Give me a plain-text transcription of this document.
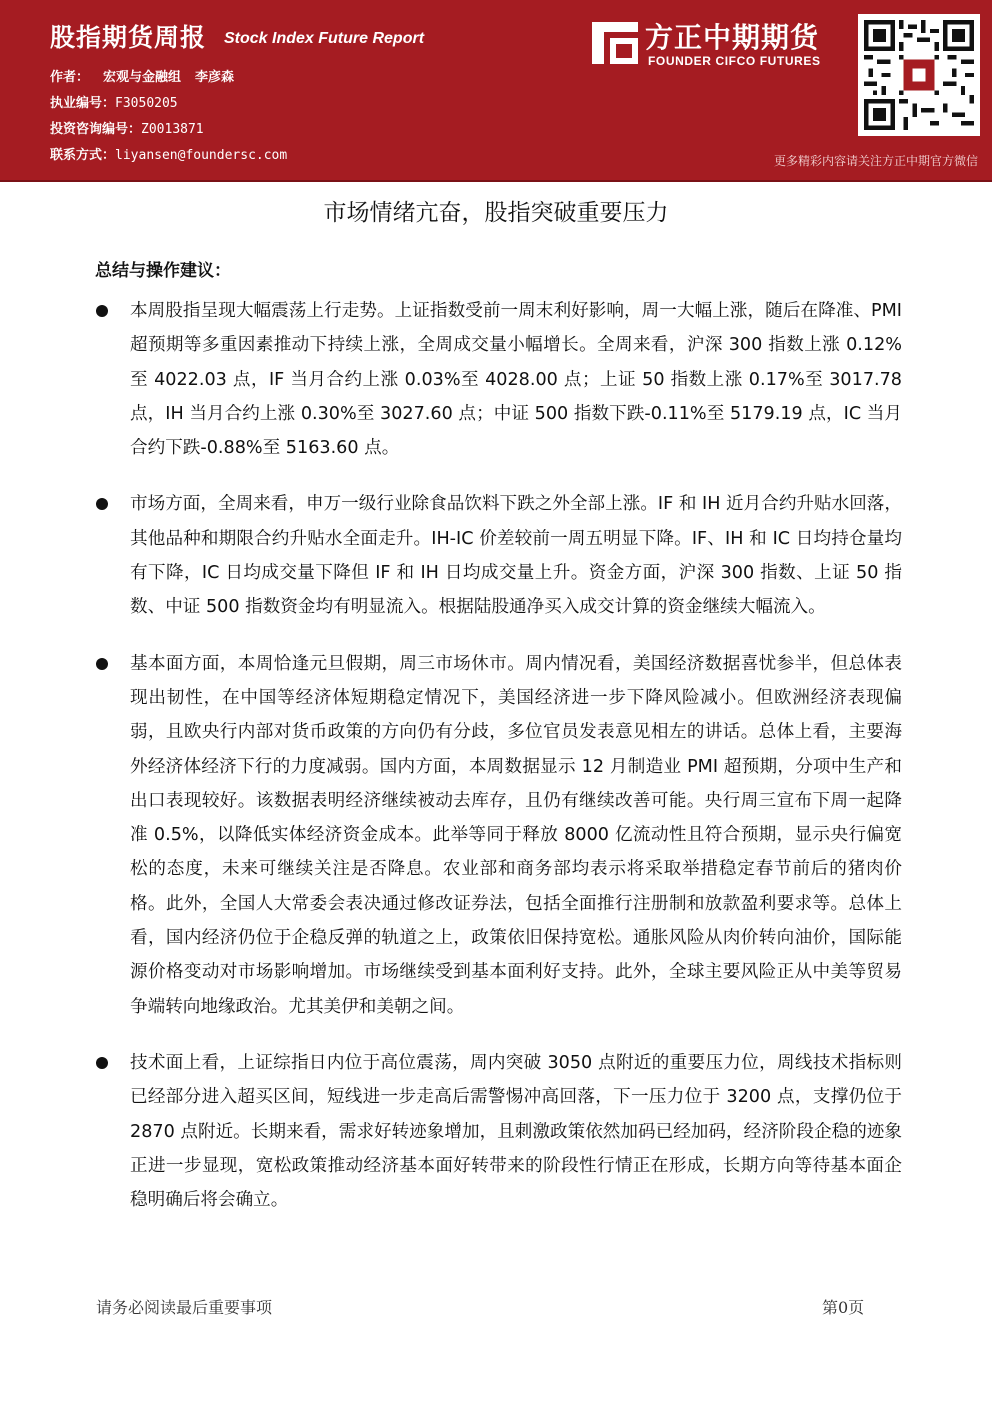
股指期货周报 Stock Index Future Report
作者： 宏观与金融组 李彦森
执业编号：F3050205
投资咨询编号：Z0013871
联系方式：liyansen@foundersc.com
方正中期期货
FOUNDER CIFCO FUTURES
更多精彩内容请关注方正中期官方微信
市场情绪亢奋，股指突破重要压力
总结与操作建议：
本周股指呈现大幅震荡上行走势。上证指数受前一周末利好影响，周一大幅上涨，随后在降准、PMI 超预期等多重因素推动下持续上涨，全周成交量小幅增长。全周来看，沪深 300 指数上涨 0.12%至 4022.03 点，IF 当月合约上涨 0.03%至 4028.00 点；上证 50 指数上涨 0.17%至 3017.78 点，IH 当月合约上涨 0.30%至 3027.60 点；中证 500 指数下跌-0.11%至 5179.19 点，IC 当月合约下跌-0.88%至 5163.60 点。
市场方面，全周来看，申万一级行业除食品饮料下跌之外全部上涨。IF 和 IH 近月合约升贴水回落，其他品种和期限合约升贴水全面走升。IH-IC 价差较前一周五明显下降。IF、IH 和 IC 日均持仓量均有下降，IC 日均成交量下降但 IF 和 IH 日均成交量上升。资金方面，沪深 300 指数、上证 50 指数、中证 500 指数资金均有明显流入。根据陆股通净买入成交计算的资金继续大幅流入。
基本面方面，本周恰逢元旦假期，周三市场休市。周内情况看，美国经济数据喜忧参半，但总体表现出韧性，在中国等经济体短期稳定情况下，美国经济进一步下降风险减小。但欧洲经济表现偏弱，且欧央行内部对货币政策的方向仍有分歧，多位官员发表意见相左的讲话。总体上看，主要海外经济体经济下行的力度减弱。国内方面，本周数据显示 12 月制造业 PMI 超预期，分项中生产和出口表现较好。该数据表明经济继续被动去库存，且仍有继续改善可能。央行周三宣布下周一起降准 0.5%，以降低实体经济资金成本。此举等同于释放 8000 亿流动性且符合预期，显示央行偏宽松的态度，未来可继续关注是否降息。农业部和商务部均表示将采取举措稳定春节前后的猪肉价格。此外，全国人大常委会表决通过修改证券法，包括全面推行注册制和放款盈利要求等。总体上看，国内经济仍位于企稳反弹的轨道之上，政策依旧保持宽松。通胀风险从肉价转向油价，国际能源价格变动对市场影响增加。市场继续受到基本面利好支持。此外，全球主要风险正从中美等贸易争端转向地缘政治。尤其美伊和美朝之间。
技术面上看，上证综指日内位于高位震荡，周内突破 3050 点附近的重要压力位，周线技术指标则已经部分进入超买区间，短线进一步走高后需警惕冲高回落，下一压力位于 3200 点，支撑仍位于 2870 点附近。长期来看，需求好转迹象增加，且刺激政策依然加码已经加码，经济阶段企稳的迹象正进一步显现，宽松政策推动经济基本面好转带来的阶段性行情正在形成，长期方向等待基本面企稳明确后将会确立。
请务必阅读最后重要事项	第0页
